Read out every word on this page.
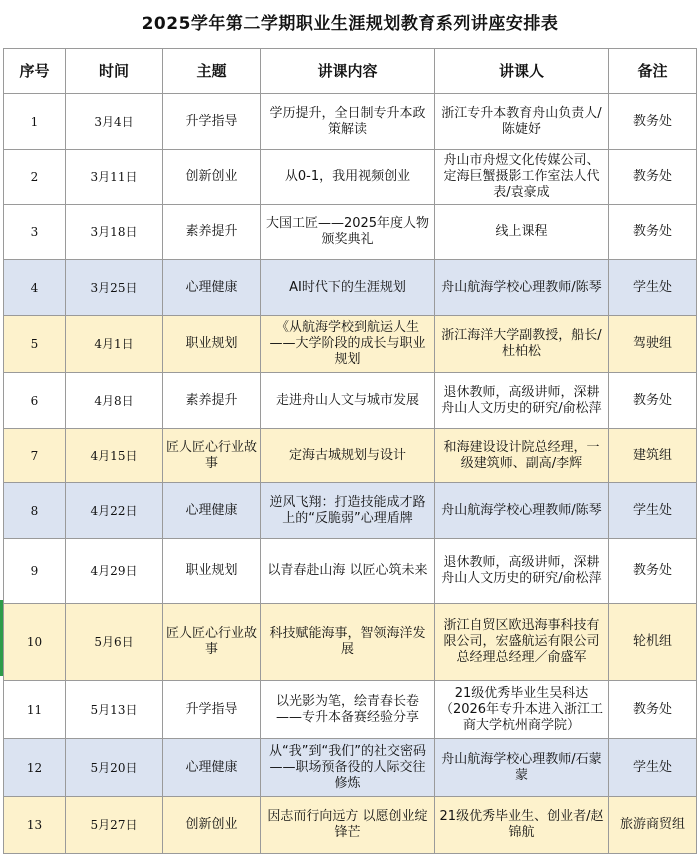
2025学年第二学期职业生涯规划教育系列讲座安排表					
序号	时间	主题	讲课内容	讲课人	备注
1	3月4日	升学指导	学历提升，全日制专升本政策解读	浙江专升本教育舟山负责人/陈婕妤	教务处
2	3月11日	创新创业	从0-1，我用视频创业	舟山市舟煜文化传媒公司、定海巨蟹摄影工作室法人代表/袁豪成	教务处
3	3月18日	素养提升	大国工匠——2025年度人物颁奖典礼	线上课程	教务处
4	3月25日	心理健康	AI时代下的生涯规划	舟山航海学校心理教师/陈琴	学生处
5	4月1日	职业规划	《从航海学校到航运人生——大学阶段的成长与职业规划	浙江海洋大学副教授，船长/杜柏松	驾驶组
6	4月8日	素养提升	走进舟山人文与城市发展	退休教师，高级讲师，深耕舟山人文历史的研究/俞松萍	教务处
7	4月15日	匠人匠心行业故事	定海古城规划与设计	和海建设设计院总经理，一级建筑师、副高/李辉	建筑组
8	4月22日	心理健康	逆风飞翔：打造技能成才路上的“反脆弱”心理盾牌	舟山航海学校心理教师/陈琴	学生处
9	4月29日	职业规划	以青春赴山海 以匠心筑未来	退休教师，高级讲师，深耕舟山人文历史的研究/俞松萍	教务处
10	5月6日	匠人匠心行业故事	科技赋能海事，智领海洋发展	浙江自贸区欧迅海事科技有限公司，宏盛航运有限公司总经理总经理／俞盛军	轮机组
11	5月13日	升学指导	以光影为笔，绘青春长卷——专升本备赛经验分享	21级优秀毕业生吴科达（2026年专升本进入浙江工商大学杭州商学院）	教务处
12	5月20日	心理健康	从“我”到“我们”的社交密码——职场预备役的人际交往修炼	舟山航海学校心理教师/石蒙蒙	学生处
13	5月27日	创新创业	因志而行向远方 以愿创业绽锋芒	21级优秀毕业生、创业者/赵锦航	旅游商贸组
